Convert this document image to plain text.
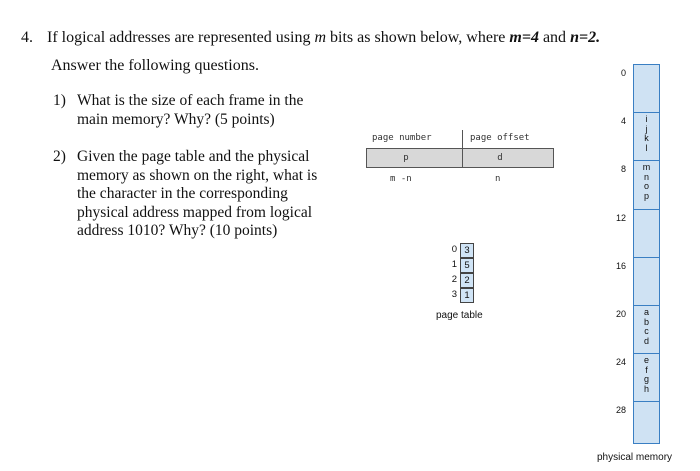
4. If logical addresses are represented using m bits as shown below, where m=4 and n=2.
Answer the following questions.
1) What is the size of each frame in the main memory? Why? (5 points)
2) Given the page table and the physical memory as shown on the right, what is the character in the corresponding physical address mapped from logical address 1010? Why? (10 points)
page number	page offset
p	d
m -n	n
0 3
1 5
2 2
3 1
page table
0
4	i
j
k
l
8	m
n
o
p
12
16
20	a
b
c
d
24	e
f
g
h
28
physical memory
